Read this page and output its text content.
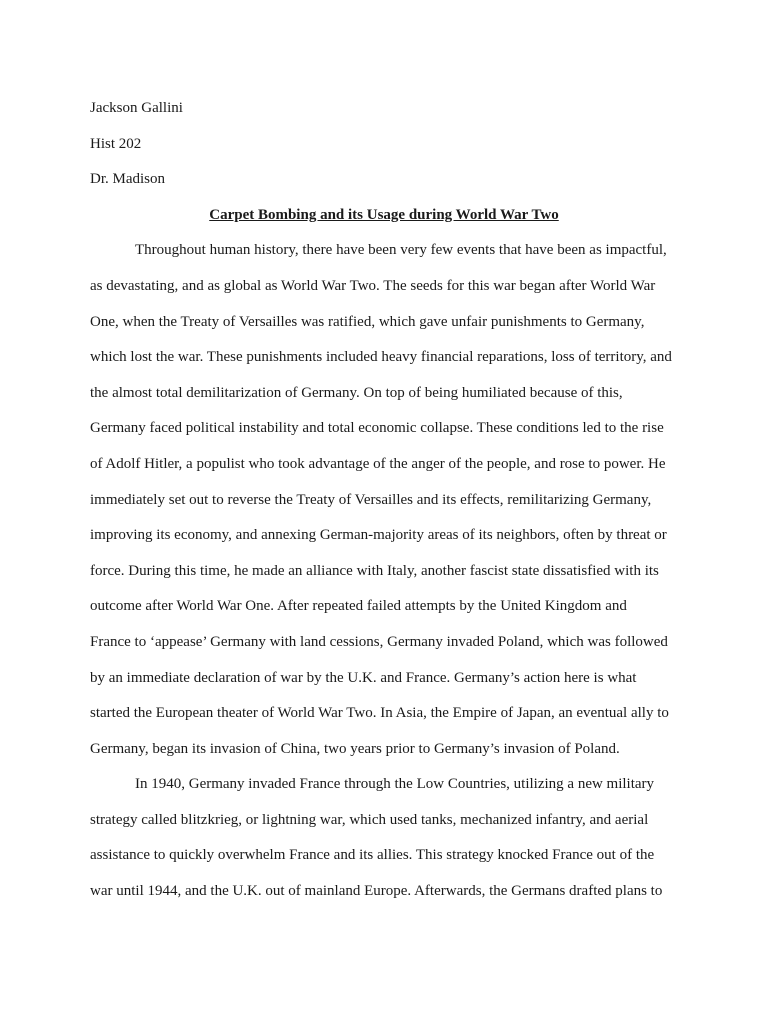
Jackson Gallini

Hist 202

Dr. Madison

Carpet Bombing and its Usage during World War Two

Throughout human history, there have been very few events that have been as impactful,
as devastating, and as global as World War Two. The seeds for this war began after World War
One, when the Treaty of Versailles was ratified, which gave unfair punishments to Germany,
which lost the war. These punishments included heavy financial reparations, loss of territory, and
the almost total demilitarization of Germany. On top of being humiliated because of this,
Germany faced political instability and total economic collapse. These conditions led to the rise
of Adolf Hitler, a populist who took advantage of the anger of the people, and rose to power. He
immediately set out to reverse the Treaty of Versailles and its effects, remilitarizing Germany,
improving its economy, and annexing German-majority areas of its neighbors, often by threat or
force. During this time, he made an alliance with Italy, another fascist state dissatisfied with its
outcome after World War One. After repeated failed attempts by the United Kingdom and
France to ‘appease’ Germany with land cessions, Germany invaded Poland, which was followed
by an immediate declaration of war by the U.K. and France. Germany’s action here is what
started the European theater of World War Two. In Asia, the Empire of Japan, an eventual ally to
Germany, began its invasion of China, two years prior to Germany’s invasion of Poland.

In 1940, Germany invaded France through the Low Countries, utilizing a new military
strategy called blitzkrieg, or lightning war, which used tanks, mechanized infantry, and aerial
assistance to quickly overwhelm France and its allies. This strategy knocked France out of the
war until 1944, and the U.K. out of mainland Europe. Afterwards, the Germans drafted plans to
